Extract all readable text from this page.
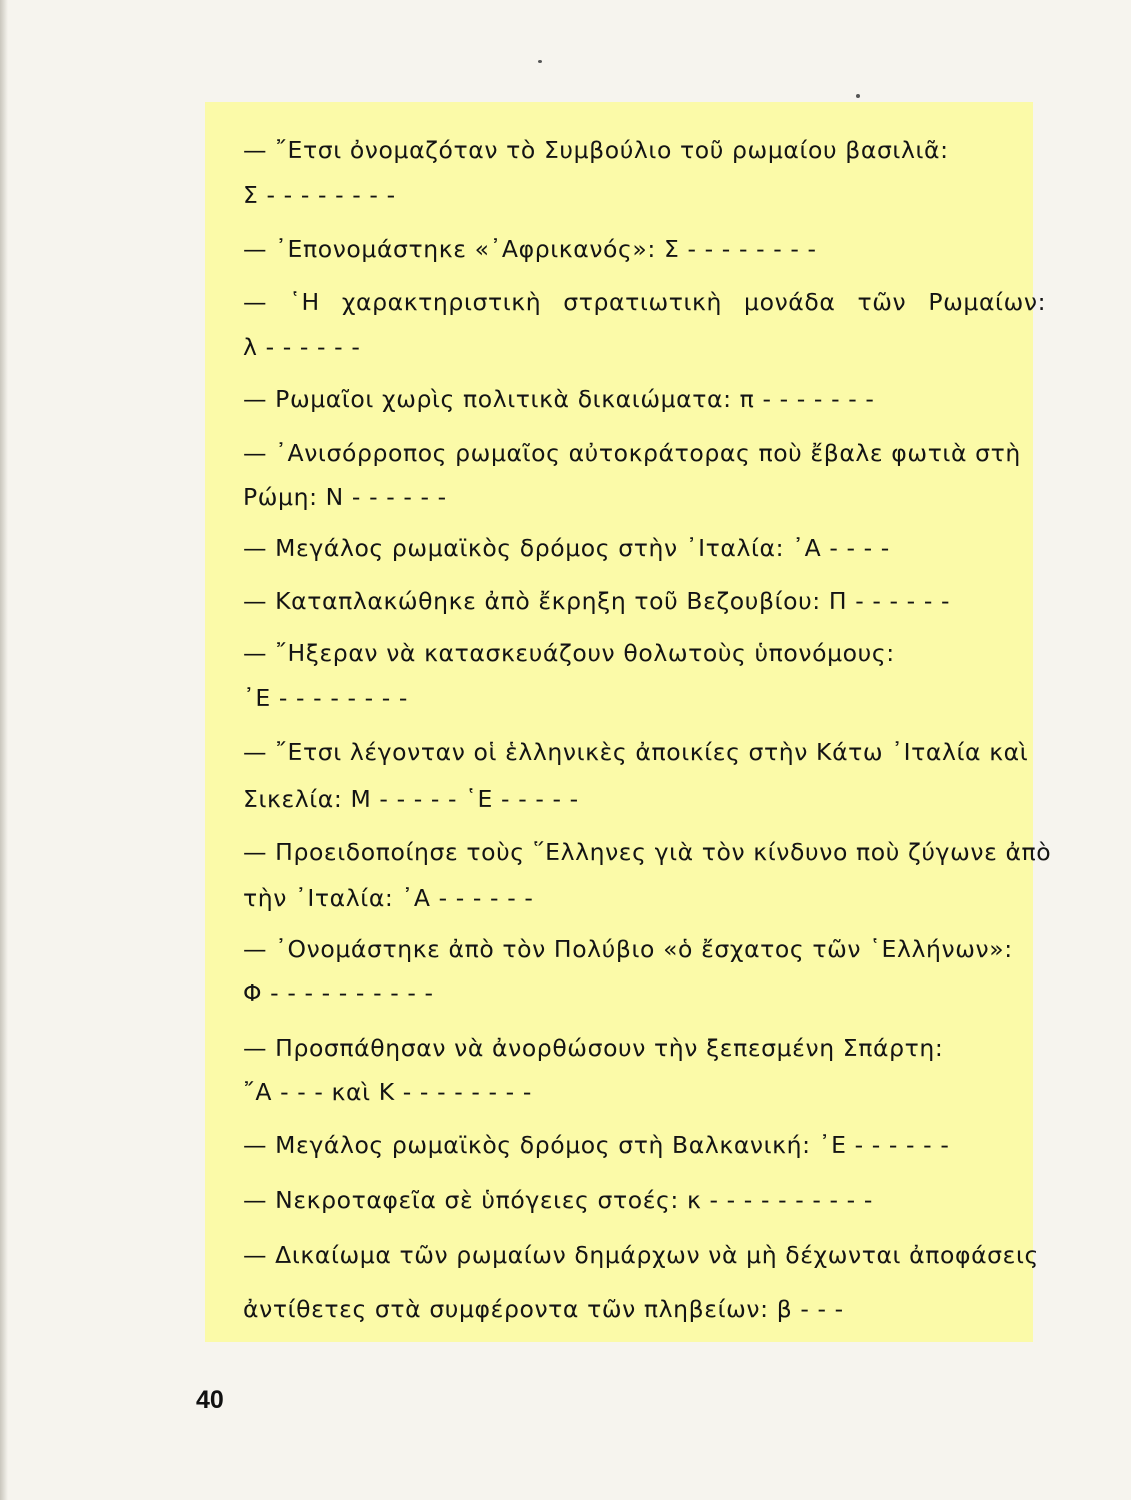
— ῎Ετσι ὀνομαζόταν τὸ Συμβούλιο τοῦ ρωμαίου βασιλιᾶ:
Σ - - - - - - - -
— ᾿Επονομάστηκε «᾿Αφρικανός»: Σ - - - - - - - -
— ῾Η χαρακτηριστικὴ στρατιωτικὴ μονάδα τῶν Ρωμαίων:
λ - - - - - -
— Ρωμαῖοι χωρὶς πολιτικὰ δικαιώματα: π - - - - - - -
— ᾿Ανισόρροπος ρωμαῖος αὐτοκράτορας ποὺ ἔβαλε φωτιὰ στὴ
Ρώμη: Ν - - - - - -
— Μεγάλος ρωμαϊκὸς δρόμος στὴν ᾿Ιταλία: ᾿Α - - - -
— Καταπλακώθηκε ἀπὸ ἔκρηξη τοῦ Βεζουβίου: Π - - - - - -
— ῎Ηξεραν νὰ κατασκευάζουν θολωτοὺς ὑπονόμους:
᾿Ε - - - - - - - -
— ῎Ετσι λέγονταν οἱ ἑλληνικὲς ἀποικίες στὴν Κάτω ᾿Ιταλία καὶ
Σικελία: Μ - - - - - ῾Ε - - - - -
— Προειδοποίησε τοὺς ῞Ελληνες γιὰ τὸν κίνδυνο ποὺ ζύγωνε ἀπὸ
τὴν ᾿Ιταλία: ᾿Α - - - - - -
— ᾿Ονομάστηκε ἀπὸ τὸν Πολύβιο «ὁ ἔσχατος τῶν ῾Ελλήνων»:
Φ - - - - - - - - - -
— Προσπάθησαν νὰ ἀνορθώσουν τὴν ξεπεσμένη Σπάρτη:
῎Α - - - καὶ Κ - - - - - - - -
— Μεγάλος ρωμαϊκὸς δρόμος στὴ Βαλκανική: ᾿Ε - - - - - -
— Νεκροταφεῖα σὲ ὑπόγειες στοές: κ - - - - - - - - - -
— Δικαίωμα τῶν ρωμαίων δημάρχων νὰ μὴ δέχωνται ἀποφάσεις
ἀντίθετες στὰ συμφέροντα τῶν πληβείων: β - - -
40
